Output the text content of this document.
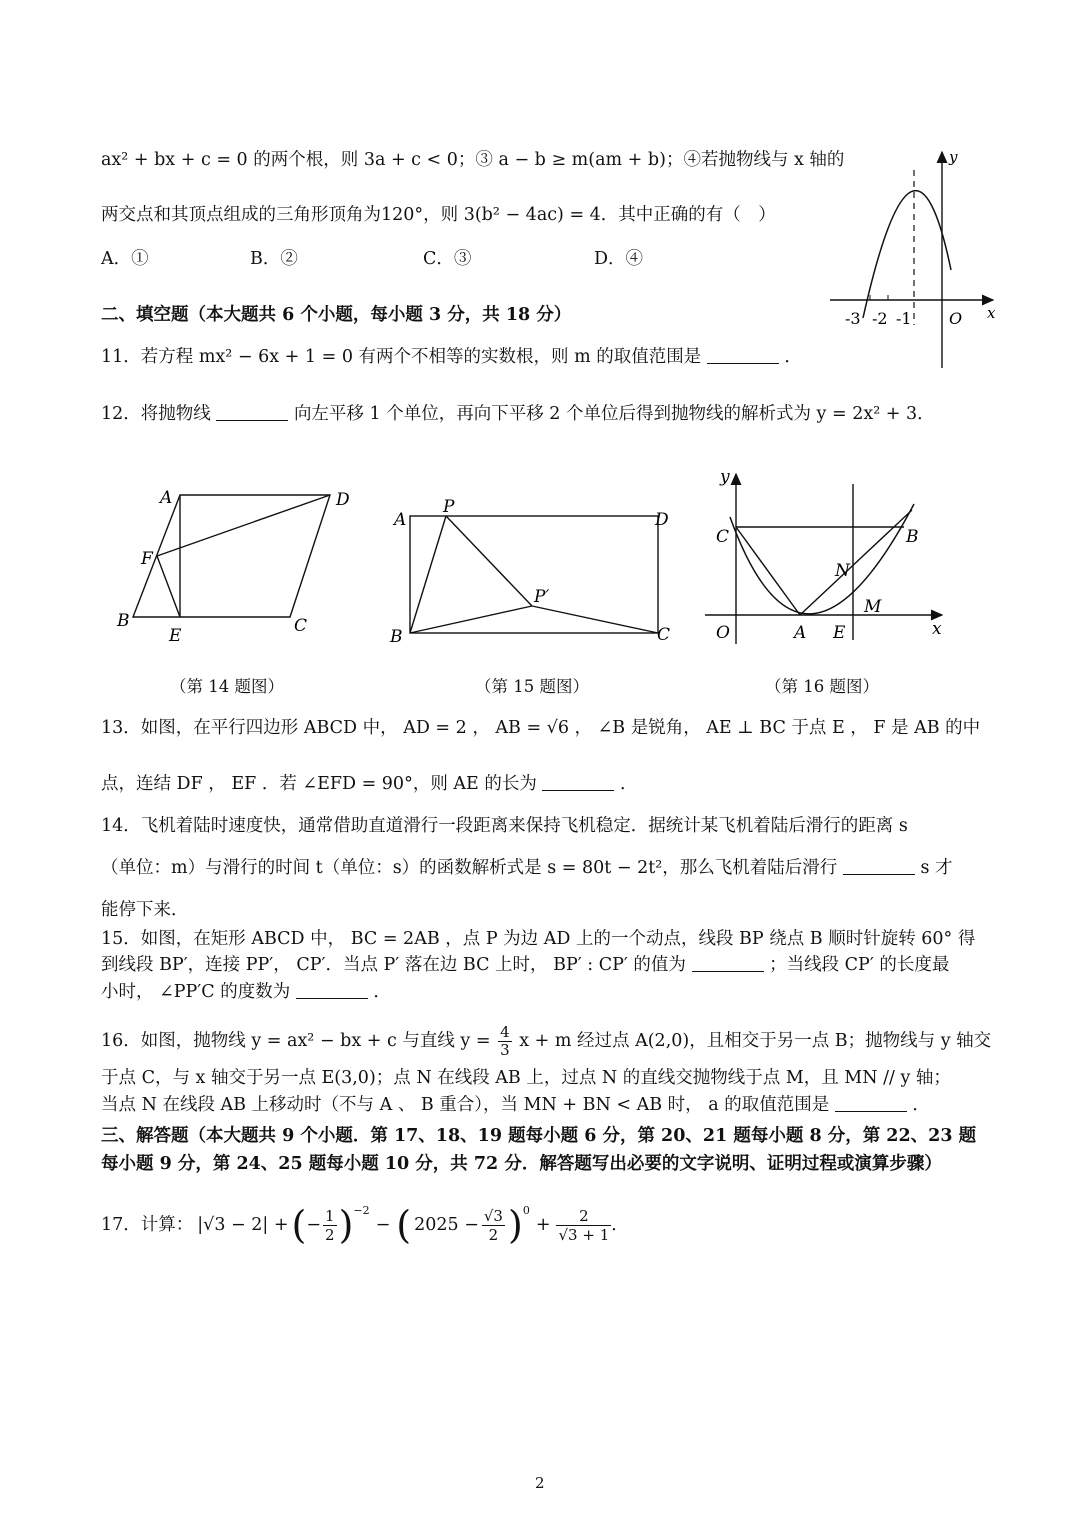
ax² + bx + c = 0 的两个根，则 3a + c < 0；③ a − b ≥ m(am + b)；④若抛物线与 x 轴的
两交点和其顶点组成的三角形顶角为120°，则 3(b² − 4ac) = 4．其中正确的有（　）
A．①	B．②	C．③	D．④
-3 -2 -1 O x
y
二、填空题（本大题共 6 个小题，每小题 3 分，共 18 分）
11．若方程 mx² − 6x + 1 = 0 有两个不相等的实数根，则 m 的取值范围是	．
12．将抛物线	向左平移 1 个单位，再向下平移 2 个单位后得到抛物线的解析式为 y = 2x² + 3．
A	D
F
B
E	C
（第 14 题图）
A
P
D
P′
B	C
（第 15 题图）
y
C	B
N
M
O	A E	x
（第 16 题图）
13．如图，在平行四边形 ABCD 中， AD = 2 ， AB = √6 ， ∠B 是锐角， AE ⊥ BC 于点 E ， F 是 AB 的中
点，连结 DF ， EF ．若 ∠EFD = 90°，则 AE 的长为	．
14．飞机着陆时速度快，通常借助直道滑行一段距离来保持飞机稳定．据统计某飞机着陆后滑行的距离 s
（单位：m）与滑行的时间 t（单位：s）的函数解析式是 s = 80t − 2t²，那么飞机着陆后滑行	s 才
能停下来．
15．如图，在矩形 ABCD 中， BC = 2AB ，点 P 为边 AD 上的一个动点，线段 BP 绕点 B 顺时针旋转 60° 得
到线段 BP′，连接 PP′， CP′．当点 P′ 落在边 BC 上时， BP′ : CP′ 的值为	；当线段 CP′ 的长度最
小时， ∠PP′C 的度数为	．
16．如图，抛物线 y = ax² − bx + c 与直线 $y = \frac{4}{3}$ x + m 经过点 A(2,0)，且相交于另一点 B；抛物线与 y 轴交
于点 C，与 x 轴交于另一点 E(3,0)；点 N 在线段 AB 上，过点 N 的直线交抛物线于点 M，且 MN // y 轴；
当点 N 在线段 AB 上移动时（不与 A 、 B 重合），当 MN + BN < AB 时， a 的取值范围是	．
三、解答题（本大题共 9 个小题．第 17、18、19 题每小题 6 分，第 20、21 题每小题 8 分，第 22、23 题
每小题 9 分，第 24、25 题每小题 10 分，共 72 分．解答题写出必要的文字说明、证明过程或演算步骤）
17．计算： |√3 − 2| + ( − $\frac{1}{2}$ ) −2
− ( $2025 - \frac{√3}{2}$ ) 0
+ $\frac{2}{√3 + 1}$ ．
2
